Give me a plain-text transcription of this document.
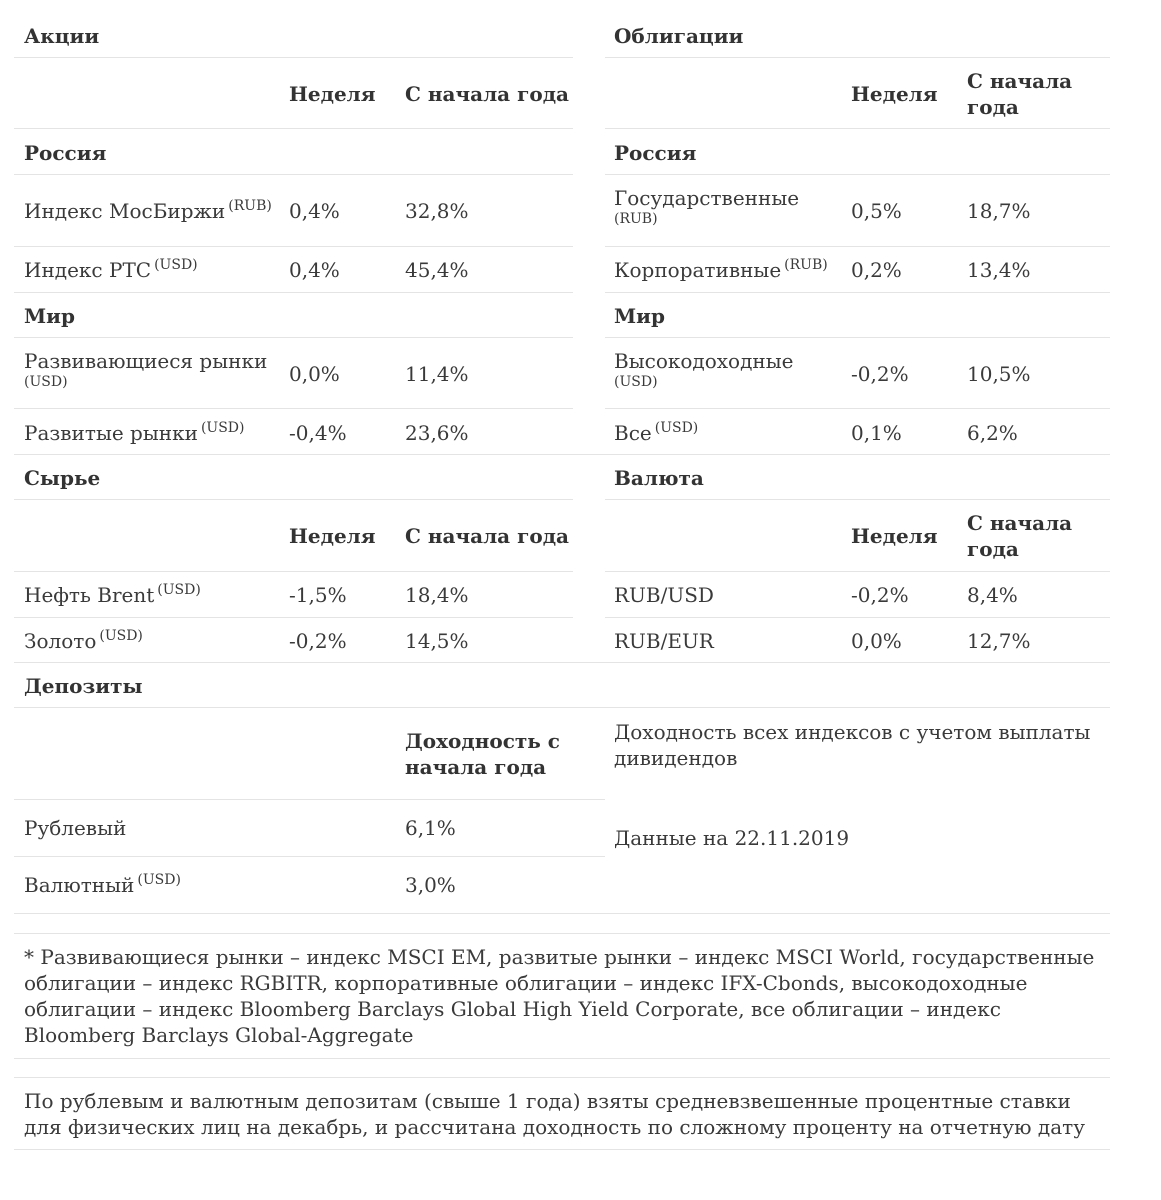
Акции
Неделя С начала года
Россия
Индекс МосБиржи $^{(RUB)}$ 0,4%	32,8%
Индекс РТС $^{(USD)}$	0,4%	45,4%
Мир
Развивающиеся рынки
(USD)	0,0%	11,4%
Развитые рынки $^{(USD)}$ -0,4%	23,6%
Облигации
Неделя
С начала года
Россия
Государственные
(RUB)	0,5%	18,7%
Корпоративные $^{(RUB)}$ 0,2%	13,4%
Мир
Высокодоходные
(USD)	-0,2%	10,5%
Все $^{(USD)}$	0,1%	6,2%
Сырье
Неделя С начала года
Нефть Brent $^{(USD)}$	-1,5%	18,4%
Золото $^{(USD)}$	-0,2%	14,5%
Валюта
Неделя
С начала года
RUB/USD	-0,2%	8,4%
RUB/EUR	0,0%	12,7%
Депозиты
Доходность с начала года
Рублевый	6,1%
Валютный $^{(USD)}$	3,0%
Доходность всех индексов с учетом выплаты дивидендов
Данные на 22.11.2019
* Развивающиеся рынки – индекс MSCI EM, развитые рынки – индекс MSCI World, государственные облигации – индекс RGBITR, корпоративные облигации – индекс IFX-Cbonds, высокодоходные облигации – индекс Bloomberg Barclays Global High Yield Corporate, все облигации – индекс Bloomberg Barclays Global-Aggregate
По рублевым и валютным депозитам (свыше 1 года) взяты средневзвешенные процентные ставки для физических лиц на декабрь, и рассчитана доходность по сложному проценту на отчетную дату
